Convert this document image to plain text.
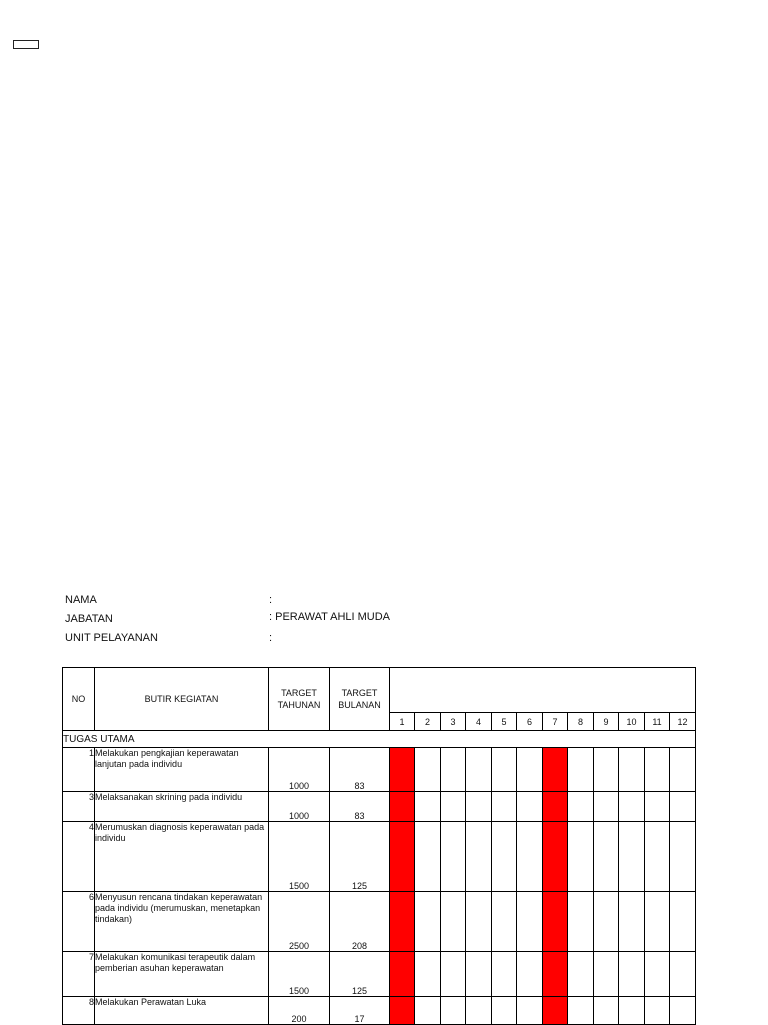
NAMA	:
JABATAN	: PERAWAT AHLI MUDA
UNIT PELAYANAN	:
NO	BUTIR KEGIATAN	TARGET TAHUNAN	TARGET BULANAN												
				1	2	3	4	5	6	7	8	9	10	11	12
TUGAS UTAMA															
1	Melakukan pengkajian keperawatan lanjutan pada individu	1000	83												
3	Melaksanakan skrining pada individu	1000	83												
4	Merumuskan diagnosis keperawatan pada individu	1500	125												
6	Menyusun rencana tindakan keperawatan pada individu (merumuskan, menetapkan tindakan)	2500	208												
7	Melakukan komunikasi terapeutik dalam pemberian asuhan keperawatan	1500	125												
8	Melakukan Perawatan Luka	200	17												
